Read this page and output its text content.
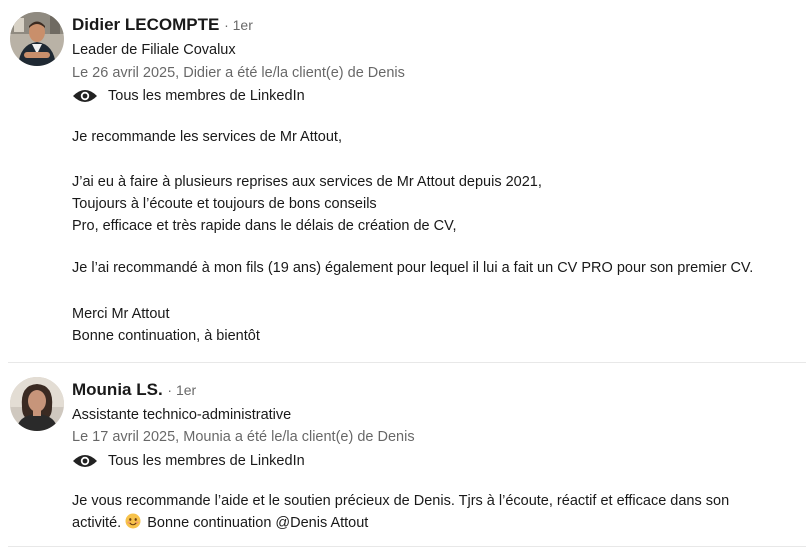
Didier LECOMPTE · 1er
Leader de Filiale Covalux
Le 26 avril 2025, Didier a été le/la client(e) de Denis
Tous les membres de LinkedIn

Je recommande les services de Mr Attout,

J’ai eu à faire à plusieurs reprises aux services de Mr Attout depuis 2021,

Toujours à l’écoute et toujours de bons conseils

Pro, efficace et très rapide dans le délais de création de CV,

Je l’ai recommandé à mon fils (19 ans) également pour lequel il lui a fait un CV PRO pour son premier CV.

Merci Mr Attout

Bonne continuation, à bientôt

Mounia LS. · 1er
Assistante technico-administrative
Le 17 avril 2025, Mounia a été le/la client(e) de Denis
Tous les membres de LinkedIn

Je vous recommande l’aide et le soutien précieux de Denis. Tjrs à l’écoute, réactif et efficace dans son

activité. Bonne continuation @Denis Attout
